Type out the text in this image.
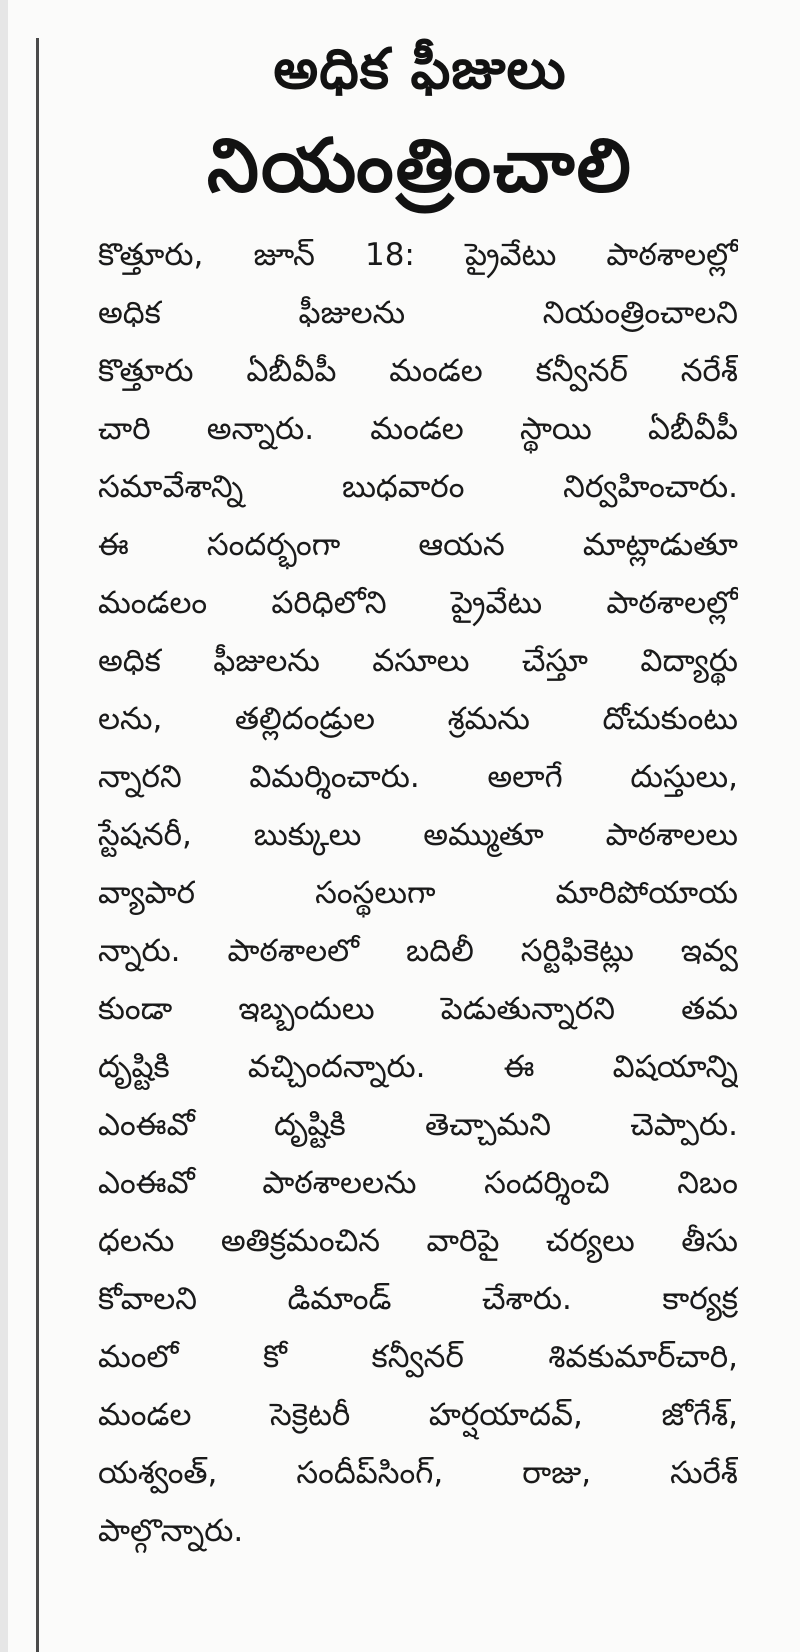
అధిక ఫీజులు
నియంత్రించాలి
కొత్తూరు, జూన్ 18: ప్రైవేటు పాఠశాలల్లో
అధిక ఫీజులను నియంత్రించాలని
కొత్తూరు ఏబీవీపీ మండల కన్వీనర్ నరేశ్
చారి అన్నారు. మండల స్థాయి ఏబీవీపీ
సమావేశాన్ని బుధవారం నిర్వహించారు.
ఈ సందర్భంగా ఆయన మాట్లాడుతూ
మండలం పరిధిలోని ప్రైవేటు పాఠశాలల్లో
అధిక ఫీజులను వసూలు చేస్తూ విద్యార్థు
లను, తల్లిదండ్రుల శ్రమను దోచుకుంటు
న్నారని విమర్శించారు. అలాగే దుస్తులు,
స్టేషనరీ, బుక్కులు అమ్ముతూ పాఠశాలలు
వ్యాపార సంస్థలుగా మారిపోయాయ
న్నారు. పాఠశాలలో బదిలీ సర్టిఫికెట్లు ఇవ్వ
కుండా ఇబ్బందులు పెడుతున్నారని తమ
దృష్టికి వచ్చిందన్నారు. ఈ విషయాన్ని
ఎంఈవో దృష్టికి తెచ్చామని చెప్పారు.
ఎంఈవో పాఠశాలలను సందర్శించి నిబం
ధలను అతిక్రమంచిన వారిపై చర్యలు తీసు
కోవాలని డిమాండ్ చేశారు. కార్యక్ర
మంలో కో కన్వీనర్ శివకుమార్‌చారి,
మండల సెక్రెటరీ హర్షయాదవ్, జోగేశ్,
యశ్వంత్, సందీప్‌సింగ్, రాజు, సురేశ్
పాల్గొన్నారు.
